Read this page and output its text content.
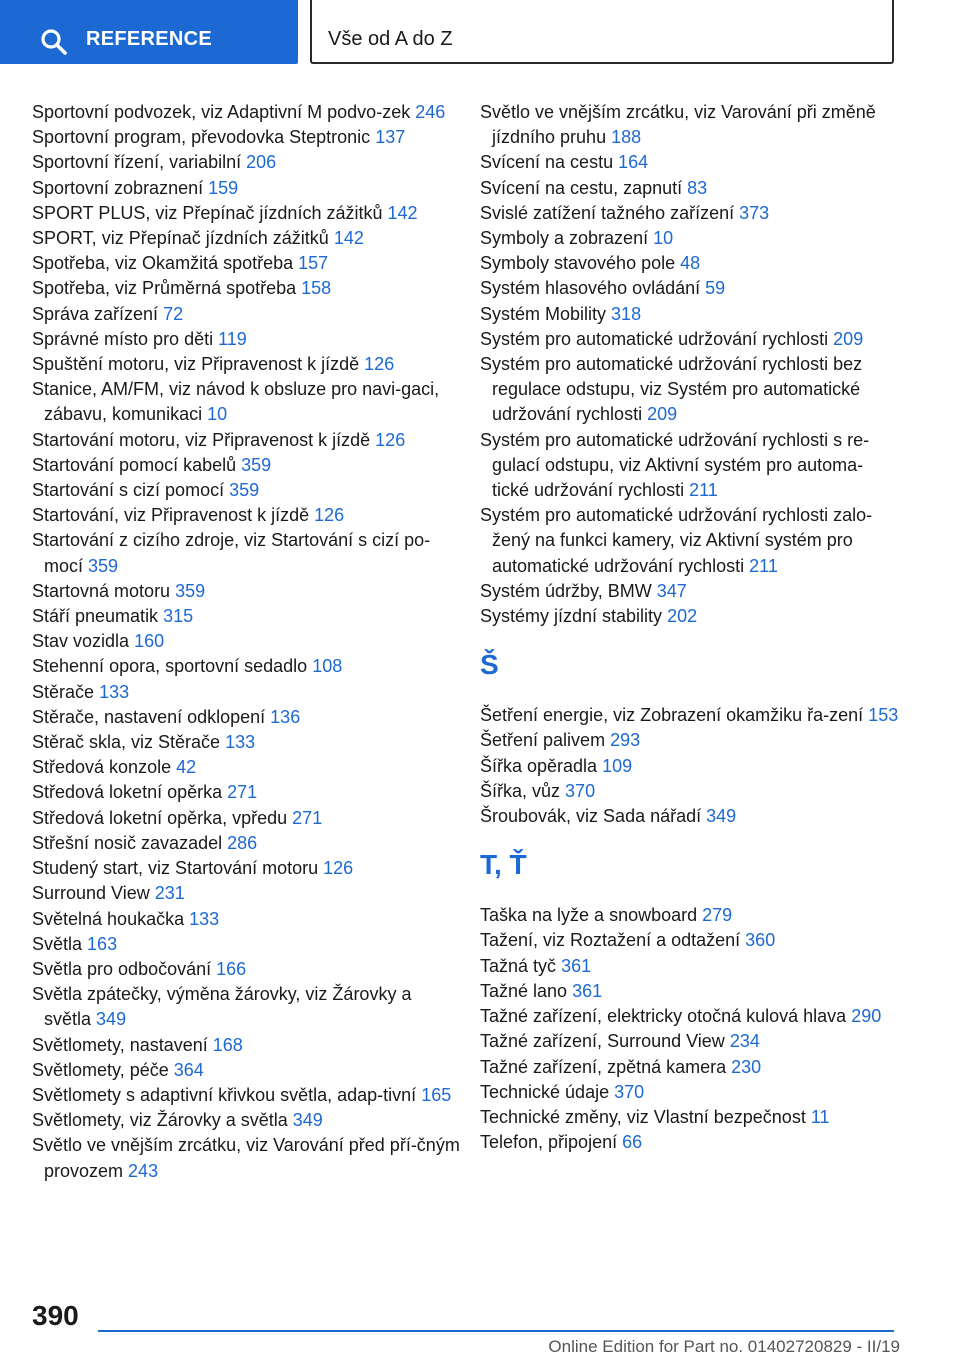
REFERENCE	Vše od A do Z

Sportovní podvozek, viz Adaptivní M podvo‐zek 246

Sportovní program, převodovka Steptronic 137

Sportovní řízení, variabilní 206

Sportovní zobraznení 159

SPORT PLUS, viz Přepínač jízdních zážitků 142

SPORT, viz Přepínač jízdních zážitků 142

Spotřeba, viz Okamžitá spotřeba 157

Spotřeba, viz Průměrná spotřeba 158

Správa zařízení 72

Správné místo pro děti 119

Spuštění motoru, viz Připravenost k jízdě 126

Stanice, AM/FM, viz návod k obsluze pro navi‐gaci, zábavu, komunikaci 10

Startování motoru, viz Připravenost k jízdě 126

Startování pomocí kabelů 359

Startování s cizí pomocí 359

Startování, viz Připravenost k jízdě 126

Startování z cizího zdroje, viz Startování s cizí po‐mocí 359

Startovná motoru 359

Stáří pneumatik 315

Stav vozidla 160

Stehenní opora, sportovní sedadlo 108

Stěrače 133

Stěrače, nastavení odklopení 136

Stěrač skla, viz Stěrače 133

Středová konzole 42

Středová loketní opěrka 271

Středová loketní opěrka, vpředu 271

Střešní nosič zavazadel 286

Studený start, viz Startování motoru 126

Surround View 231

Světelná houkačka 133

Světla 163

Světla pro odbočování 166

Světla zpátečky, výměna žárovky, viz Žárovky a světla 349

Světlomety, nastavení 168

Světlomety, péče 364

Světlomety s adaptivní křivkou světla, adap‐tivní 165

Světlomety, viz Žárovky a světla 349

Světlo ve vnějším zrcátku, viz Varování před pří‐čným provozem 243

Světlo ve vnějším zrcátku, viz Varování při změně jízdního pruhu 188

Svícení na cestu 164

Svícení na cestu, zapnutí 83

Svislé zatížení tažného zařízení 373

Symboly a zobrazení 10

Symboly stavového pole 48

Systém hlasového ovládání 59

Systém Mobility 318

Systém pro automatické udržování rychlosti 209

Systém pro automatické udržování rychlosti bez regulace odstupu, viz Systém pro automatické udržování rychlosti 209

Systém pro automatické udržování rychlosti s re‐gulací odstupu, viz Aktivní systém pro automa‐tické udržování rychlosti 211

Systém pro automatické udržování rychlosti zalo‐žený na funkci kamery, viz Aktivní systém pro automatické udržování rychlosti 211

Systém údržby, BMW 347

Systémy jízdní stability 202

Š

Šetření energie, viz Zobrazení okamžiku řa‐zení 153

Šetření palivem 293

Šířka opěradla 109

Šířka, vůz 370

Šroubovák, viz Sada nářadí 349

T, Ť

Taška na lyže a snowboard 279

Tažení, viz Roztažení a odtažení 360

Tažná tyč 361

Tažné lano 361

Tažné zařízení, elektricky otočná kulová hlava 290

Tažné zařízení, Surround View 234

Tažné zařízení, zpětná kamera 230

Technické údaje 370

Technické změny, viz Vlastní bezpečnost 11

Telefon, připojení 66

390
Online Edition for Part no. 01402720829 - II/19
